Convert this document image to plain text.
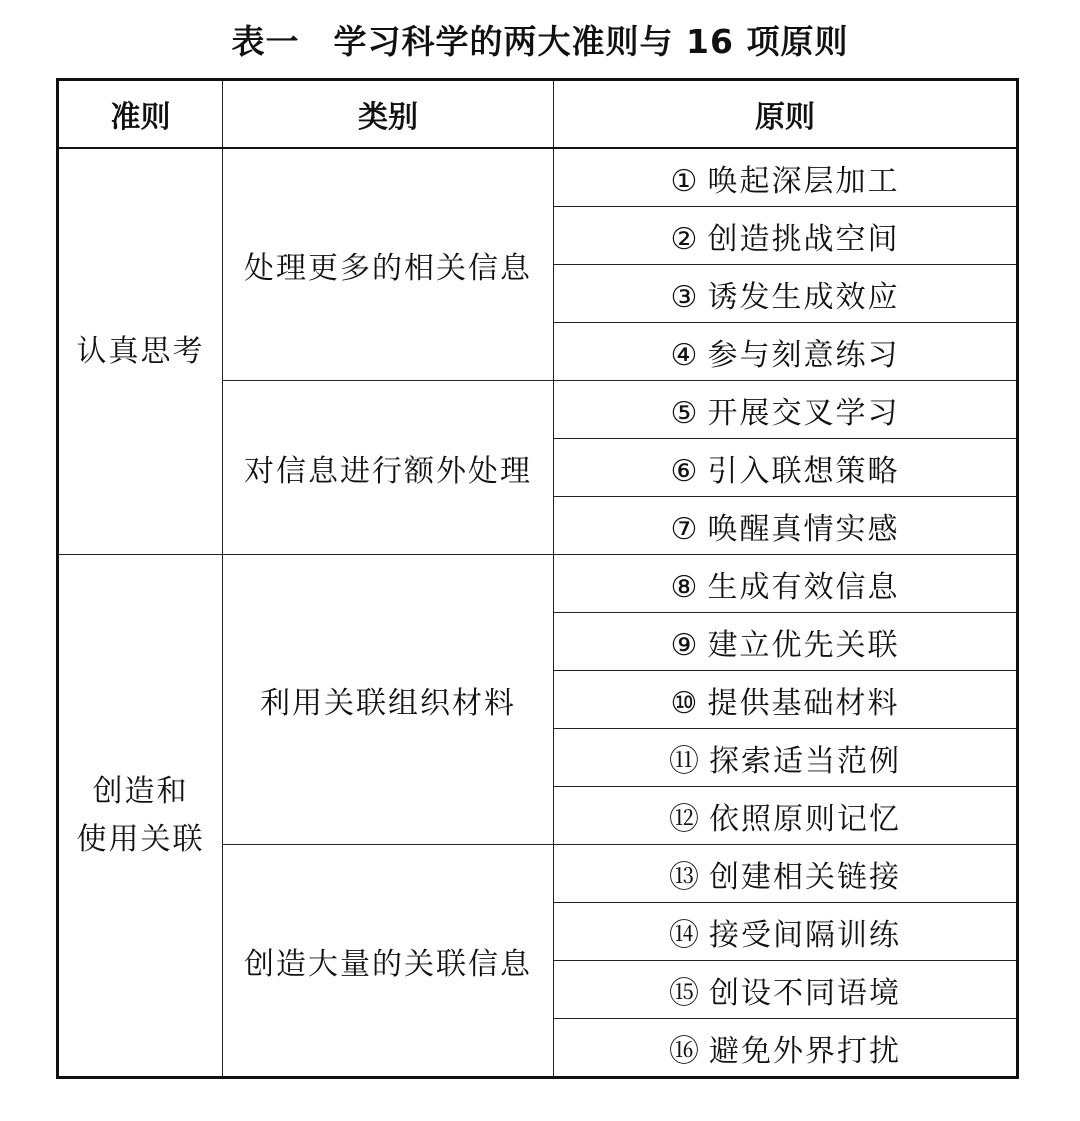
表一　学习科学的两大准则与 16 项原则
准则	类别	原则

认真思考	处理更多的相关信息	① 唤起深层加工
		② 创造挑战空间
		③ 诱发生成效应
		④ 参与刻意练习
	对信息进行额外处理	⑤ 开展交叉学习
		⑥ 引入联想策略
		⑦ 唤醒真情实感

创造和
使用关联	利用关联组织材料	⑧ 生成有效信息
		⑨ 建立优先关联
		⑩ 提供基础材料
		⑪ 探索适当范例
		⑫ 依照原则记忆
	创造大量的关联信息	⑬ 创建相关链接
		⑭ 接受间隔训练
		⑮ 创设不同语境
		⑯ 避免外界打扰
